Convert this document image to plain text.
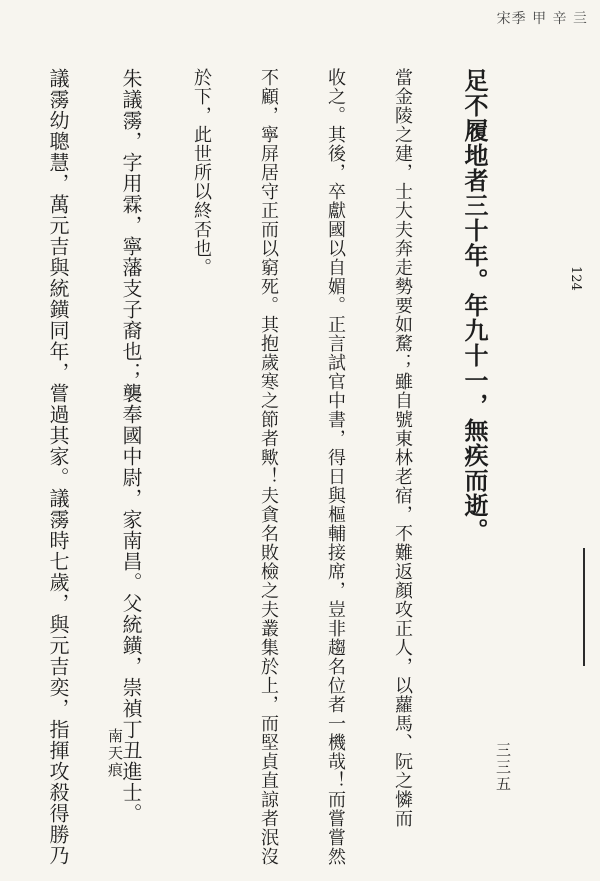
宋季 甲 辛 亖
124

足不履地者三十年。年九十一，無疾而逝。

當金陵之建，士大夫奔走勢要如騖；雖自號東林老宿，不難返顏攻正人，以蘿馬、阮之憐而

收之。其後，卒獻國以自媚。正言試官中書，得日與樞輔接席，豈非趨名位者一機哉！而嘗嘗然

不顧，寧屏居守正而以窮死。其抱歲寒之節者歟！夫貪名敗檢之夫叢集於上，而堅貞直諒者泯沒

於下，此世所以終否也。

朱議霶，字用霖，寧藩支子裔也；襲奉國中尉，家南昌。父統鐄，崇禎丁丑進士。

議霶幼聰慧，萬元吉與統鐄同年，嘗過其家。議霶時七歲，與元吉奕，指揮攻殺得勝乃

南天痕	三三五
